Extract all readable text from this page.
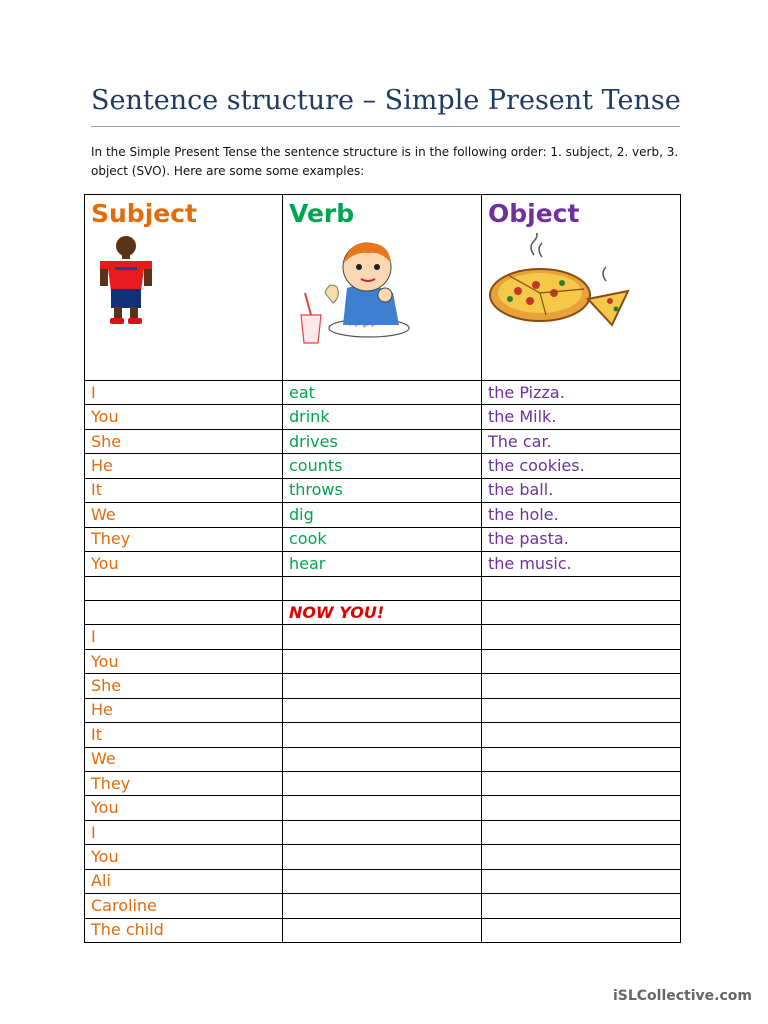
Sentence structure – Simple Present Tense
In the Simple Present Tense the sentence structure is in the following order: 1. subject, 2. verb, 3. object (SVO). Here are some some examples:
Subject	Verb	Object

I	eat	the Pizza.
You	drink	the Milk.
She	drives	The car.
He	counts	the cookies.
It	throws	the ball.
We	dig	the hole.
They	cook	the pasta.
You	hear	the music.

	NOW YOU!	
I		
You		
She		
He		
It		
We		
They		
You		
I		
You		
Ali		
Caroline		
The child		
iSLCollective.com
